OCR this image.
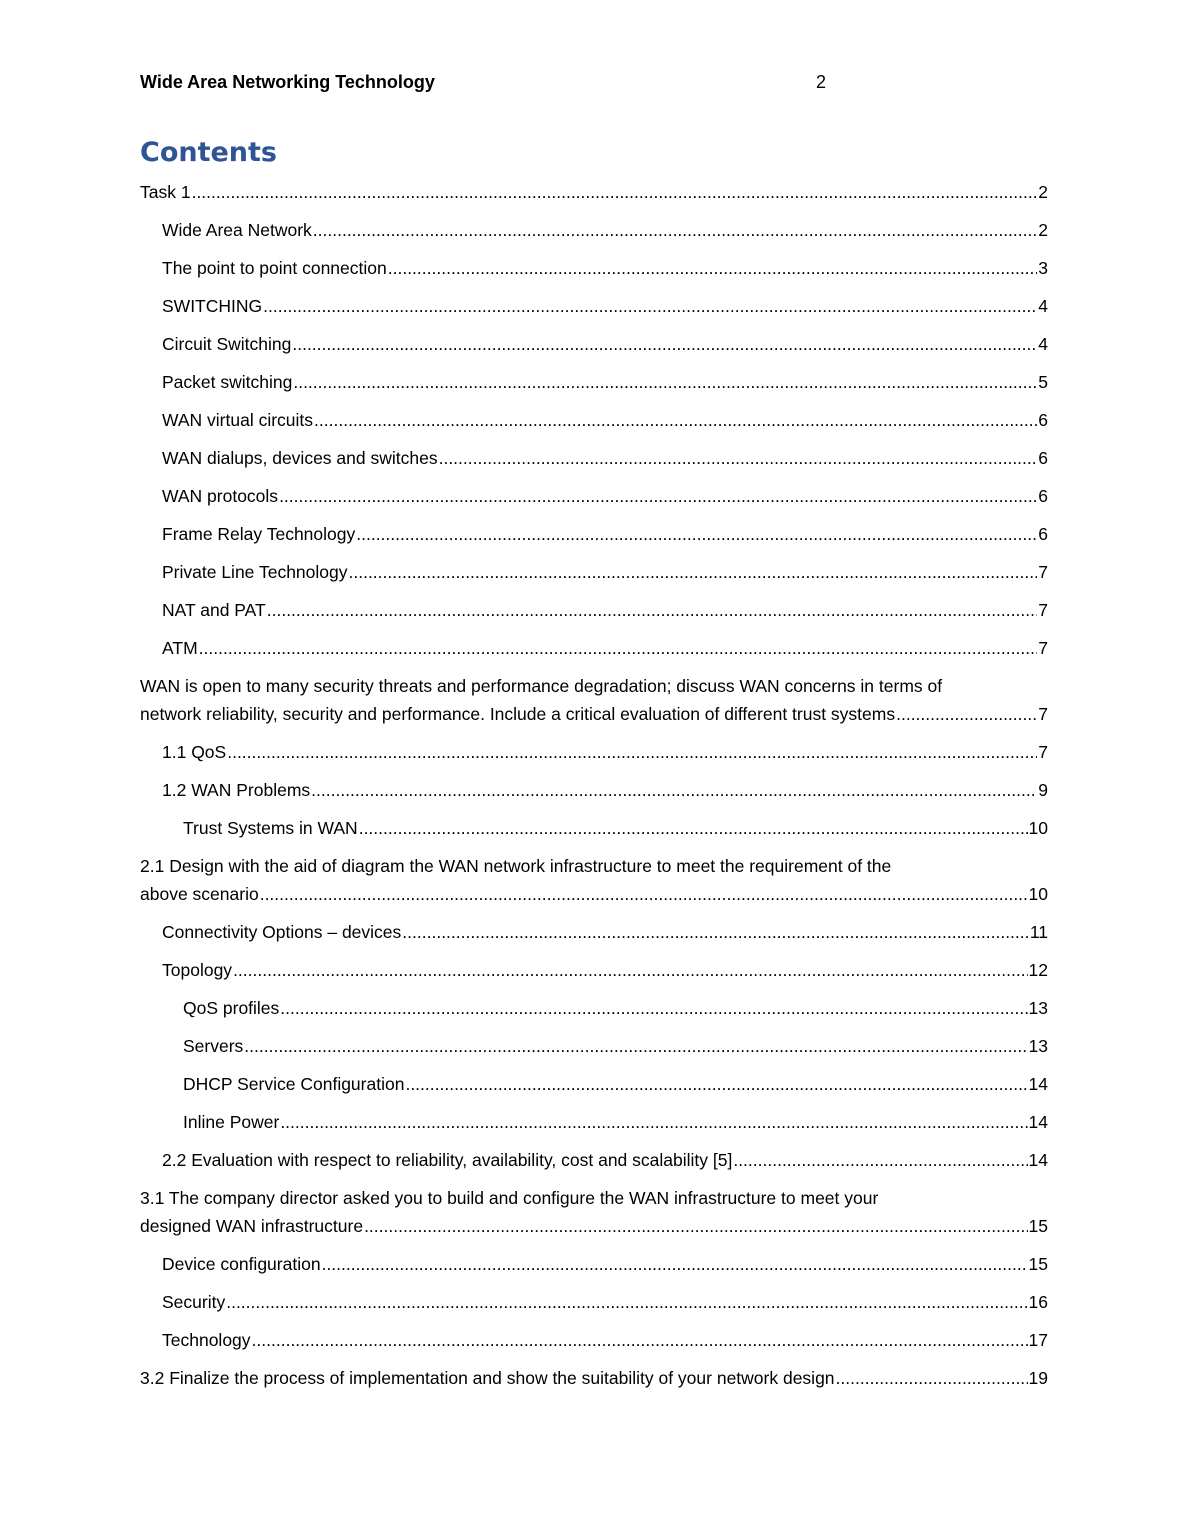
Wide Area Networking Technology	2
Contents
Task 1 .....	2
Wide Area Network .....	2
The point to point connection .....	3
SWITCHING .....	4
Circuit Switching .....	4
Packet switching .....	5
WAN virtual circuits .....	6
WAN dialups, devices and switches .....	6
WAN protocols .....	6
Frame Relay Technology .....	6
Private Line Technology .....	7
NAT and PAT .....	7
ATM .....	7
WAN is open to many security threats and performance degradation; discuss WAN concerns in terms of
network reliability, security and performance. Include a critical evaluation of different trust systems .....	7
1.1 QoS .....	7
1.2 WAN Problems .....	9
Trust Systems in WAN .....	10
2.1 Design with the aid of diagram the WAN network infrastructure to meet the requirement of the
above scenario .....	10
Connectivity Options – devices .....	11
Topology .....	12
QoS profiles .....	13
Servers .....	13
DHCP Service Configuration .....	14
Inline Power .....	14
2.2 Evaluation with respect to reliability, availability, cost and scalability [5] .....	14
3.1 The company director asked you to build and configure the WAN infrastructure to meet your
designed WAN infrastructure .....	15
Device configuration .....	15
Security .....	16
Technology .....	17
3.2 Finalize the process of implementation and show the suitability of your network design .....	19
